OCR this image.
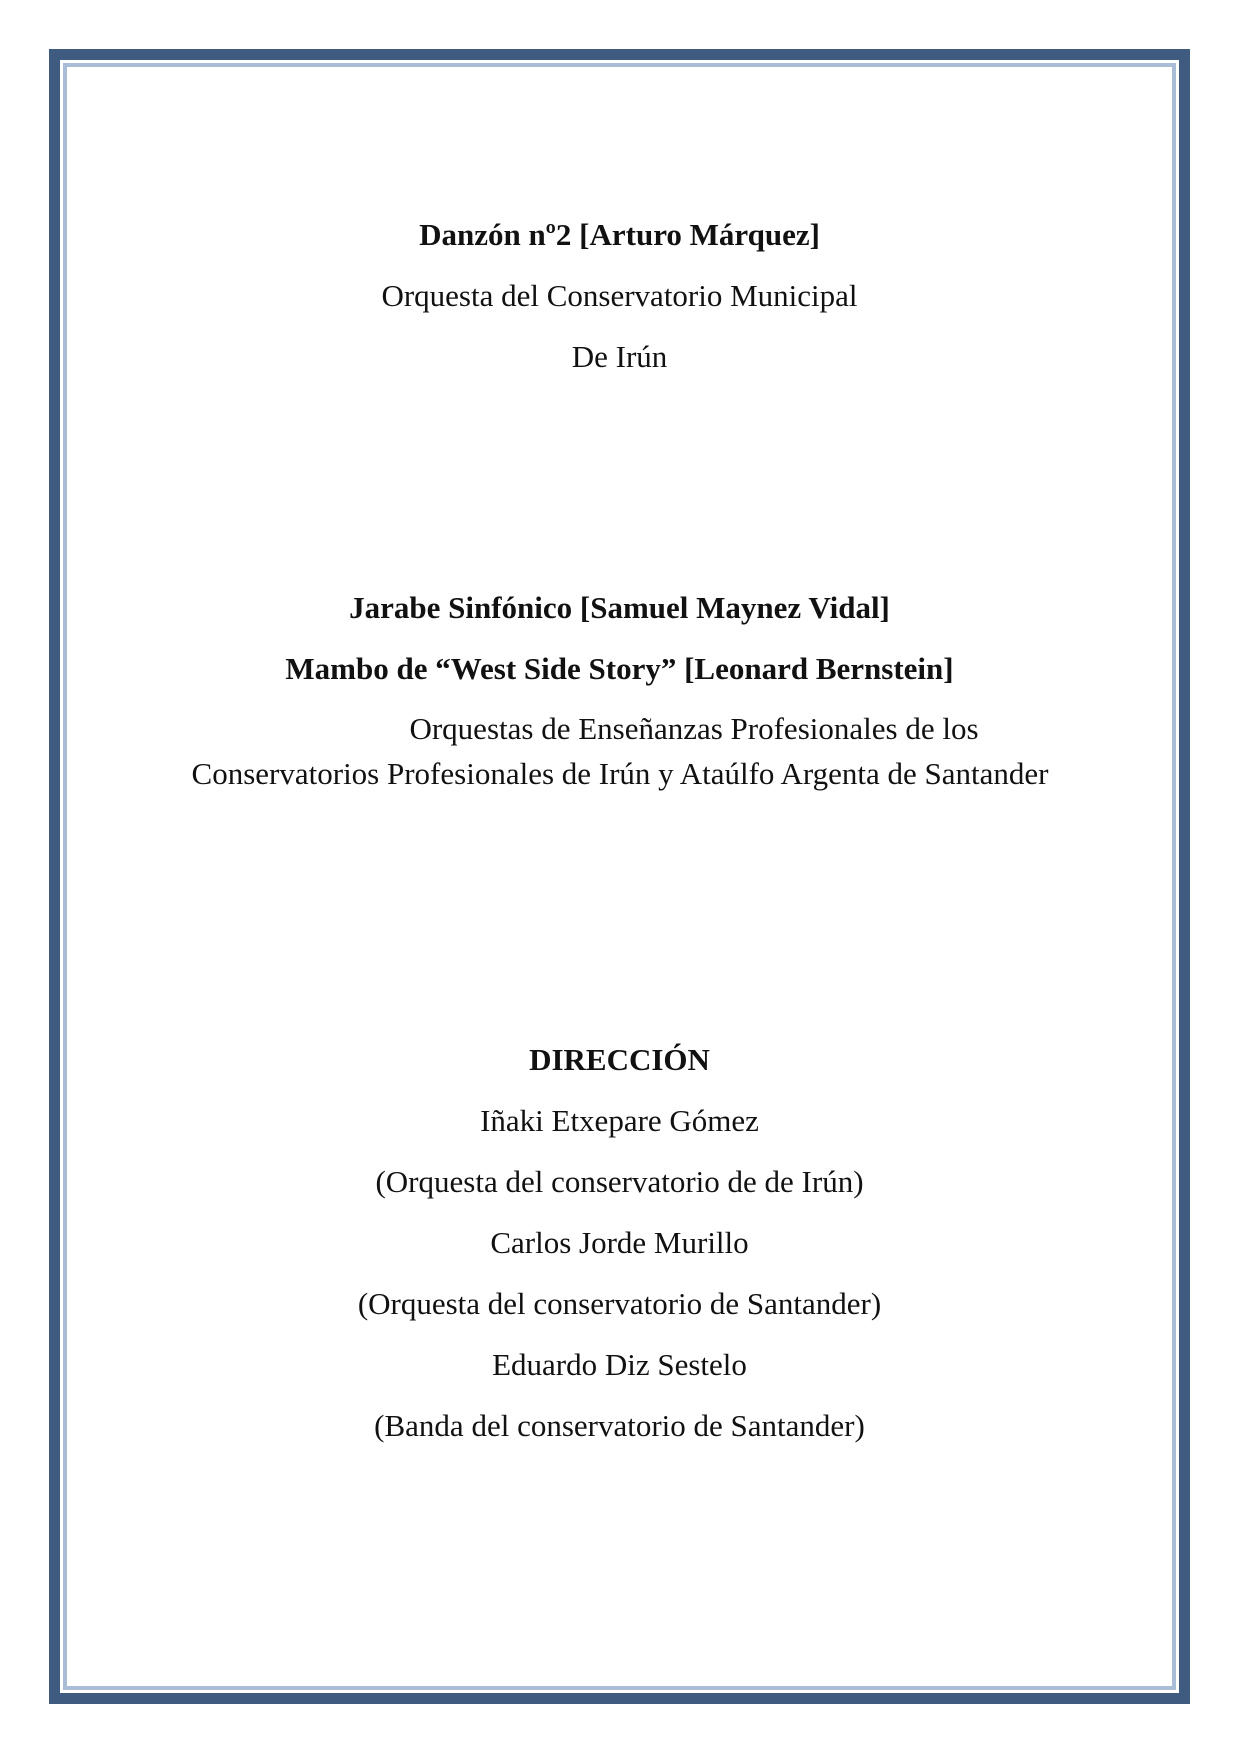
Danzón nº2 [Arturo Márquez]
Orquesta del Conservatorio Municipal
De Irún
Jarabe Sinfónico [Samuel Maynez Vidal]
Mambo de “West Side Story” [Leonard Bernstein]
Orquestas de Enseñanzas Profesionales de los Conservatorios Profesionales de Irún y Ataúlfo Argenta de Santander
DIRECCIÓN
Iñaki Etxepare Gómez
(Orquesta del conservatorio de de Irún)
Carlos Jorde Murillo
(Orquesta del conservatorio de Santander)
Eduardo Diz Sestelo
(Banda del conservatorio de Santander)
